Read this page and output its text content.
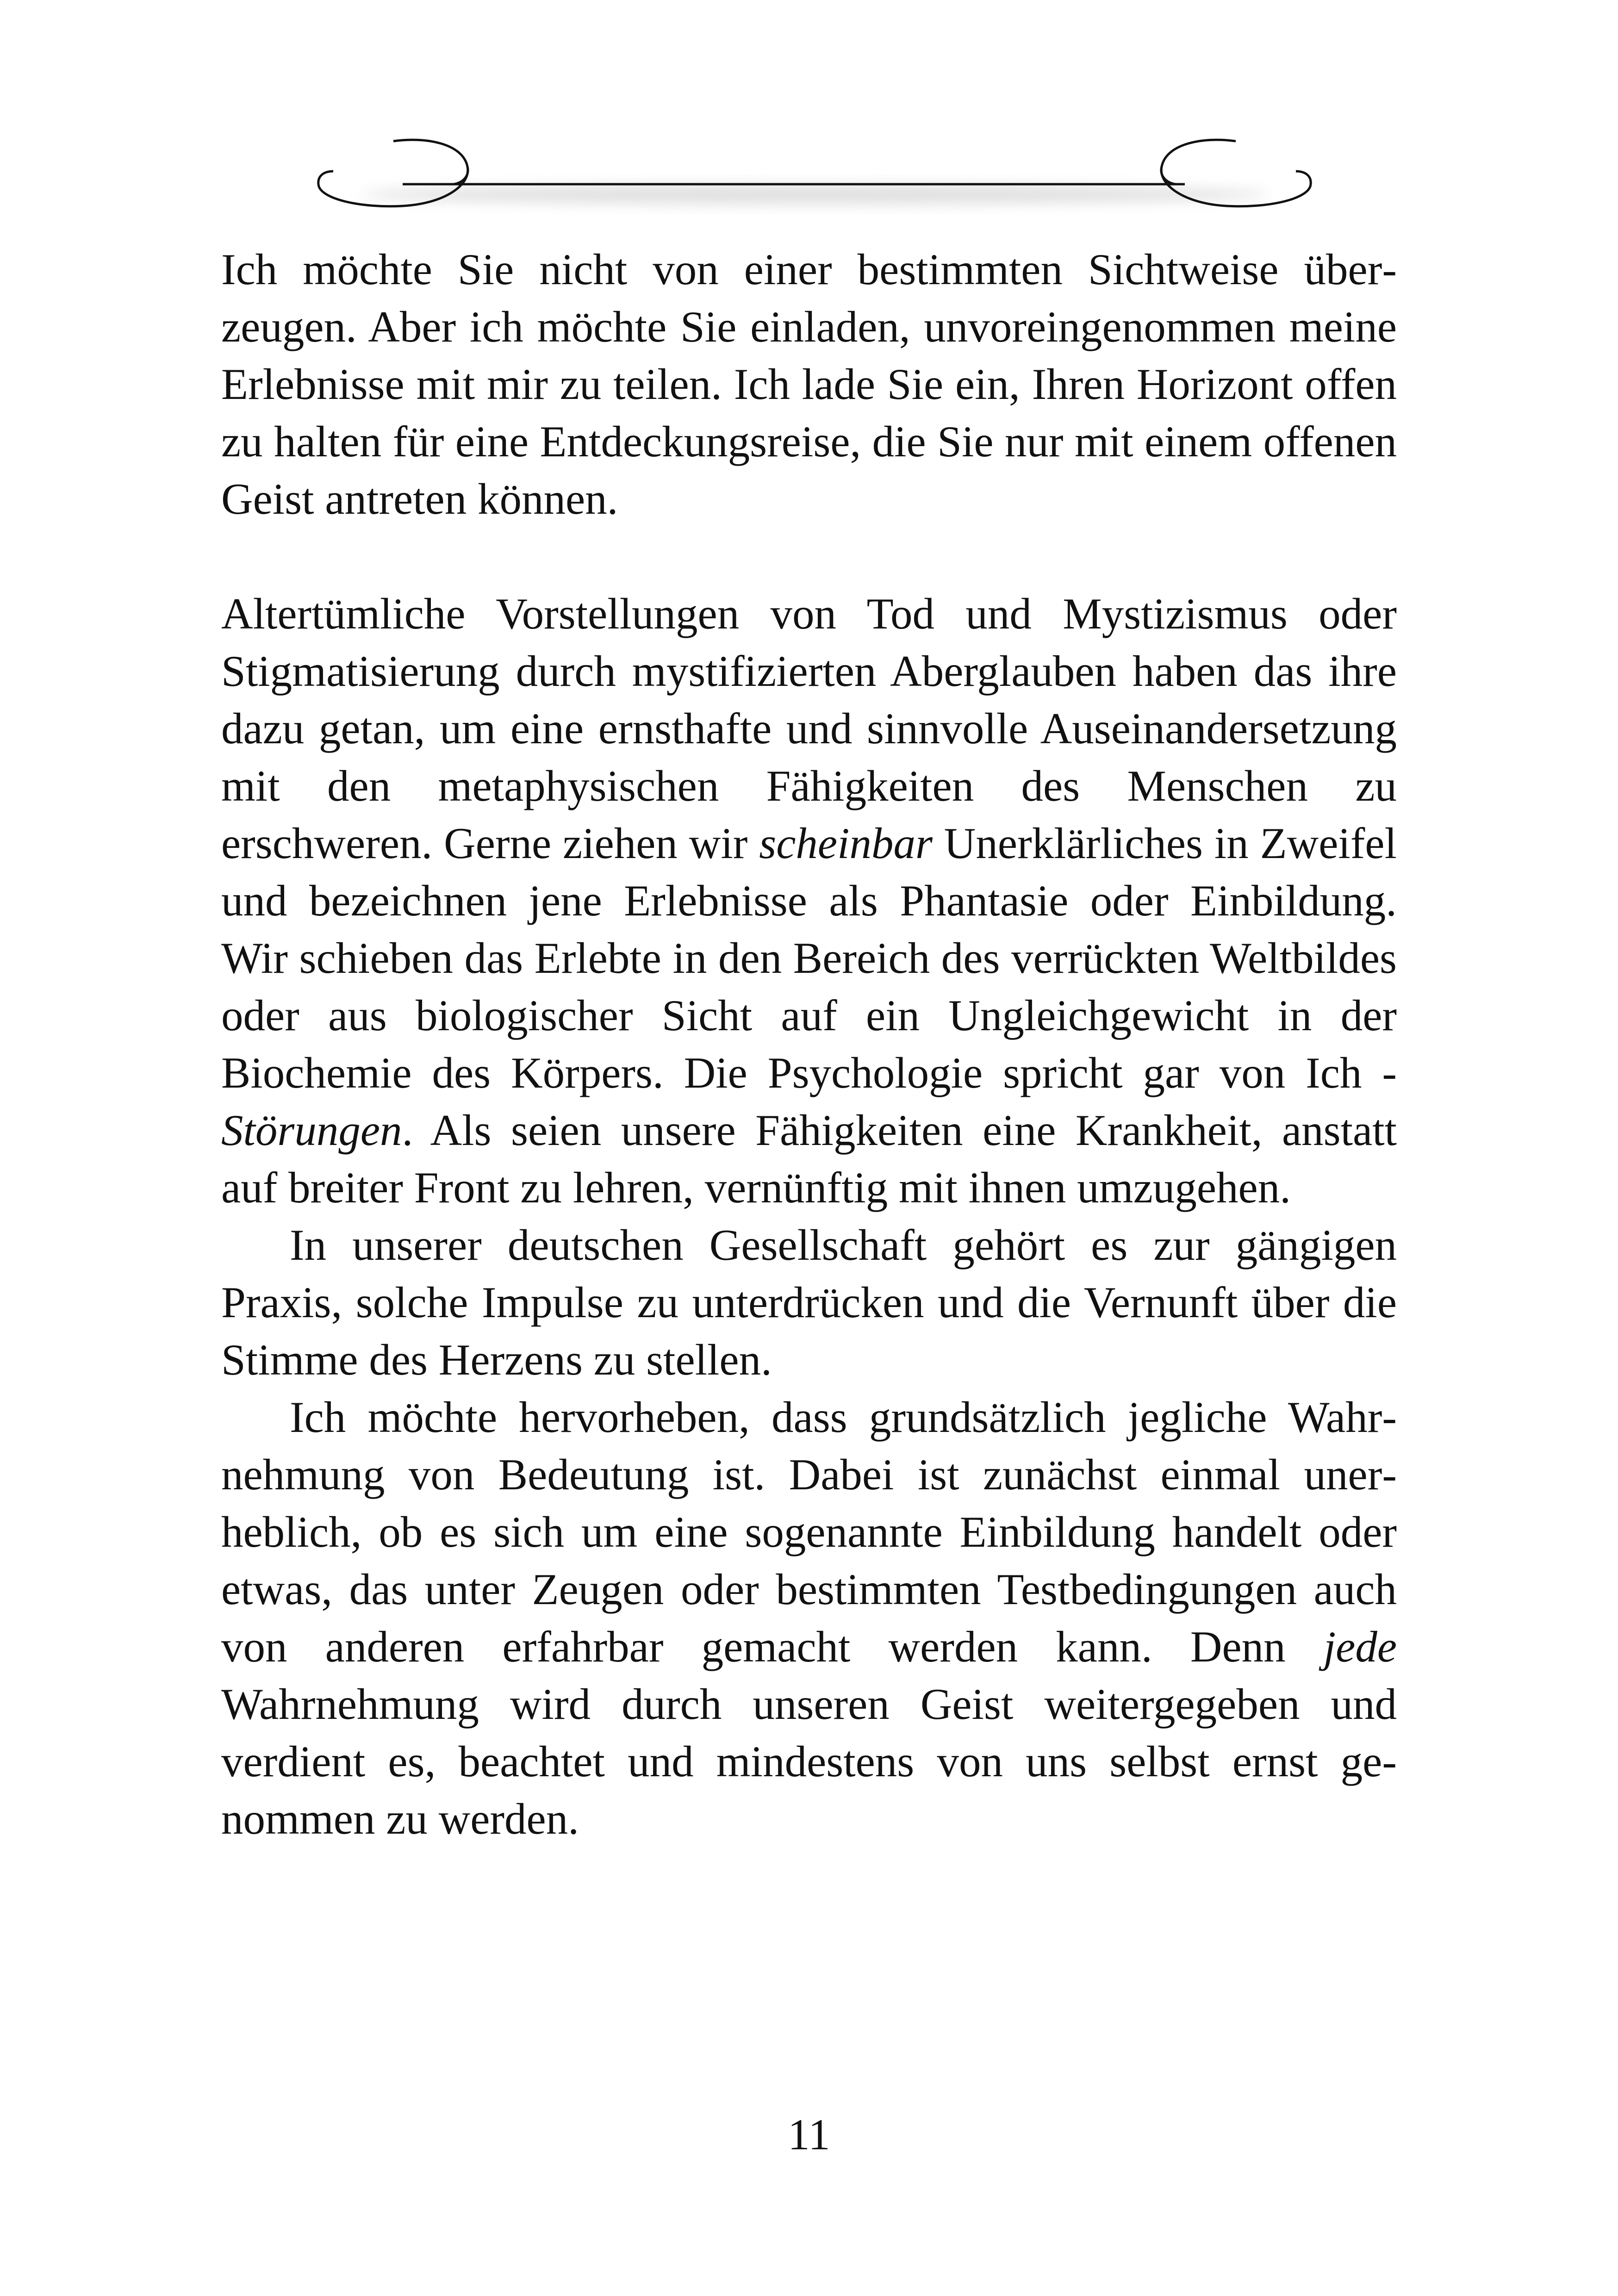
Ich möchte Sie nicht von einer bestimmten Sichtweise überzeugen. Aber ich möchte Sie einladen, unvoreingenommen meine Erlebnisse mit mir zu teilen. Ich lade Sie ein, Ihren Horizont offen zu halten für eine Entdeckungsreise, die Sie nur mit einem offenen Geist antreten können.

Altertümliche Vorstellungen von Tod und Mystizismus oder Stigmatisierung durch mystifizierten Aberglauben haben das ihre dazu getan, um eine ernsthafte und sinnvolle Auseinandersetzung mit den metaphysischen Fähigkeiten des Menschen zu erschweren. Gerne ziehen wir scheinbar Unerklärliches in Zweifel und bezeichnen jene Erlebnisse als Phantasie oder Einbildung. Wir schieben das Erlebte in den Bereich des verrückten Weltbildes oder aus biologischer Sicht auf ein Ungleichgewicht in der Biochemie des Körpers. Die Psychologie spricht gar von Ich - Störungen. Als seien unsere Fähigkeiten eine Krankheit, anstatt auf breiter Front zu lehren, vernünftig mit ihnen umzugehen.

In unserer deutschen Gesellschaft gehört es zur gängigen Praxis, solche Impulse zu unterdrücken und die Vernunft über die Stimme des Herzens zu stellen.

Ich möchte hervorheben, dass grundsätzlich jegliche Wahrnehmung von Bedeutung ist. Dabei ist zunächst einmal unerheblich, ob es sich um eine sogenannte Einbildung handelt oder etwas, das unter Zeugen oder bestimmten Testbedingungen auch von anderen erfahrbar gemacht werden kann. Denn jede Wahrnehmung wird durch unseren Geist weitergegeben und verdient es, beachtet und mindestens von uns selbst ernst genommen zu werden.

11
